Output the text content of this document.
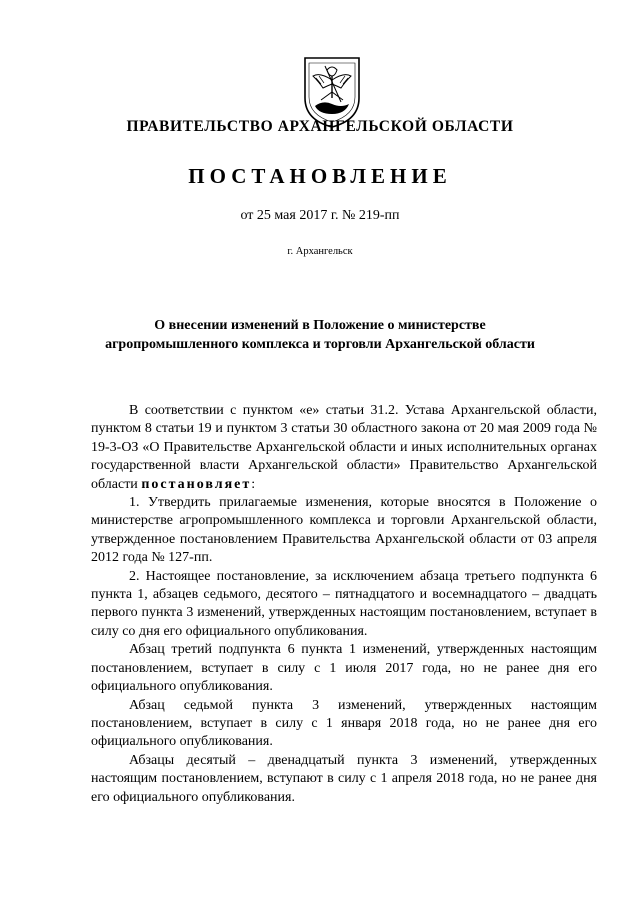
ПРАВИТЕЛЬСТВО АРХАНГЕЛЬСКОЙ ОБЛАСТИ
ПОСТАНОВЛЕНИЕ
от 25 мая 2017 г. № 219-пп
г. Архангельск
О внесении изменений в Положение о министерстве
агропромышленного комплекса и торговли Архангельской области

В соответствии с пунктом «е» статьи 31.2. Устава Архангельской области, пунктом 8 статьи 19 и пунктом 3 статьи 30 областного закона от 20 мая 2009 года № 19-3-ОЗ «О Правительстве Архангельской области и иных исполнительных органах государственной власти Архангельской области» Правительство Архангельской области постановляет:

1. Утвердить прилагаемые изменения, которые вносятся в Положение о министерстве агропромышленного комплекса и торговли Архангельской области, утвержденное постановлением Правительства Архангельской области от 03 апреля 2012 года № 127-пп.

2. Настоящее постановление, за исключением абзаца третьего подпункта 6 пункта 1, абзацев седьмого, десятого – пятнадцатого и восемнадцатого – двадцать первого пункта 3 изменений, утвержденных настоящим постановлением, вступает в силу со дня его официального опубликования.

Абзац третий подпункта 6 пункта 1 изменений, утвержденных настоящим постановлением, вступает в силу с 1 июля 2017 года, но не ранее дня его официального опубликования.

Абзац седьмой пункта 3 изменений, утвержденных настоящим постановлением, вступает в силу с 1 января 2018 года, но не ранее дня его официального опубликования.

Абзацы десятый – двенадцатый пункта 3 изменений, утвержденных настоящим постановлением, вступают в силу с 1 апреля 2018 года, но не ранее дня его официального опубликования.
